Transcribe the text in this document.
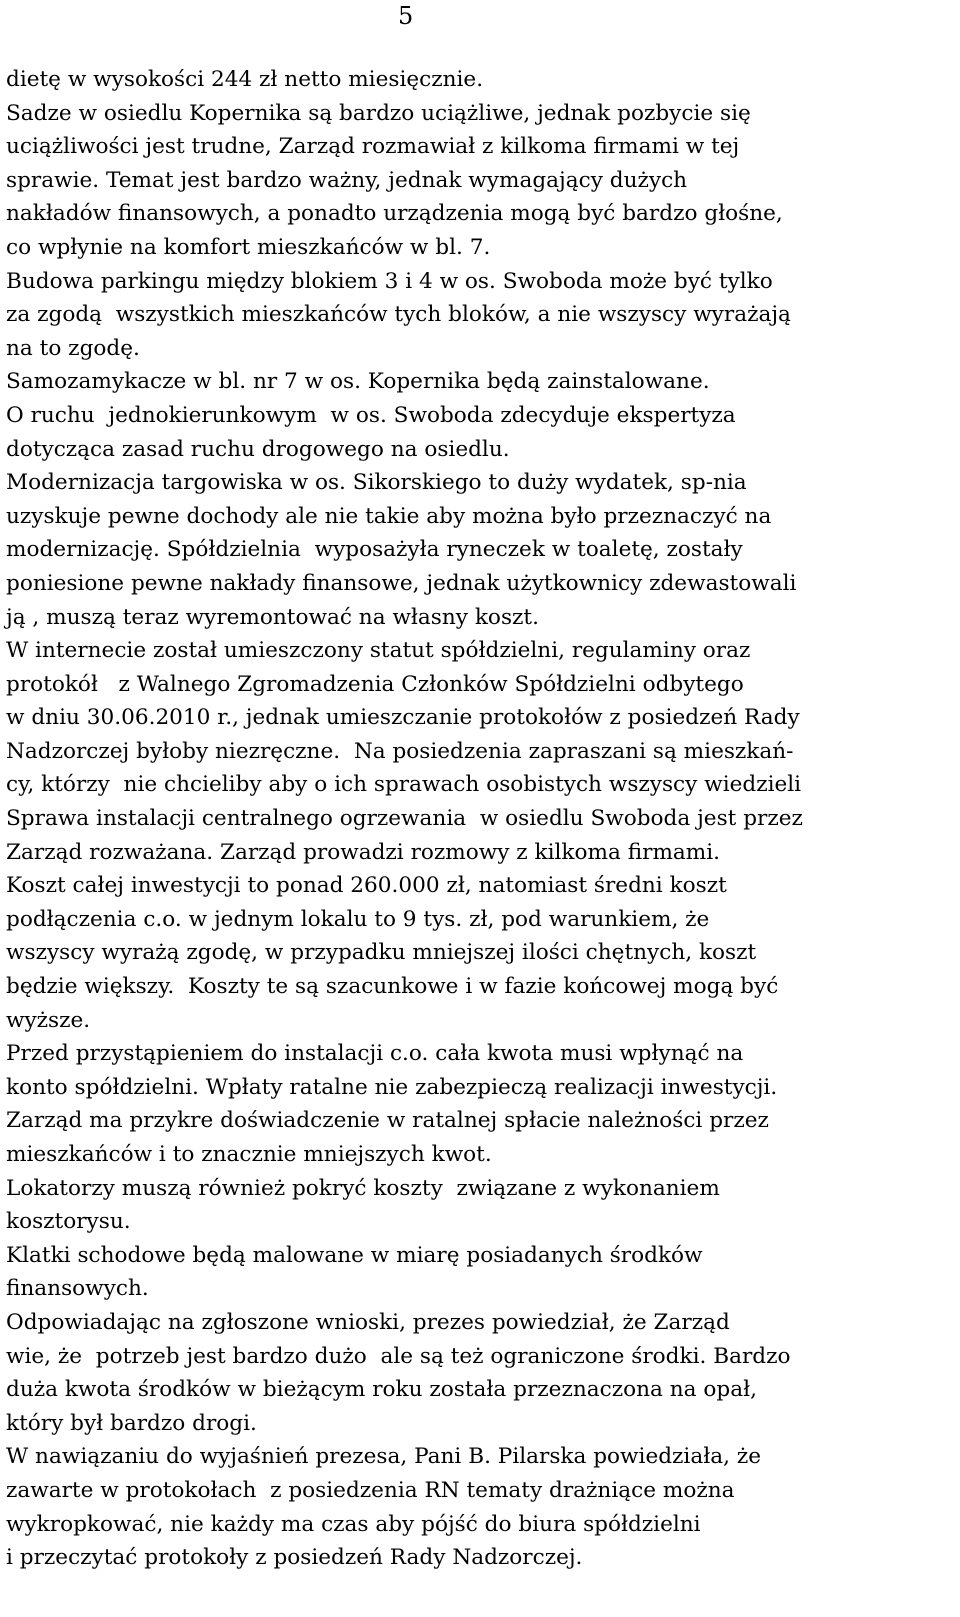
5
dietę w wysokości 244 zł netto miesięcznie.
Sadze w osiedlu Kopernika są bardzo uciążliwe, jednak pozbycie się
uciążliwości jest trudne, Zarząd rozmawiał z kilkoma firmami w tej
sprawie. Temat jest bardzo ważny, jednak wymagający dużych
nakładów finansowych, a ponadto urządzenia mogą być bardzo głośne,
co wpłynie na komfort mieszkańców w bl. 7.
Budowa parkingu między blokiem 3 i 4 w os. Swoboda może być tylko
za zgodą  wszystkich mieszkańców tych bloków, a nie wszyscy wyrażają
na to zgodę.
Samozamykacze w bl. nr 7 w os. Kopernika będą zainstalowane.
O ruchu  jednokierunkowym  w os. Swoboda zdecyduje ekspertyza
dotycząca zasad ruchu drogowego na osiedlu.
Modernizacja targowiska w os. Sikorskiego to duży wydatek, sp-nia
uzyskuje pewne dochody ale nie takie aby można było przeznaczyć na
modernizację. Spółdzielnia  wyposażyła ryneczek w toaletę, zostały
poniesione pewne nakłady finansowe, jednak użytkownicy zdewastowali
ją , muszą teraz wyremontować na własny koszt.
W internecie został umieszczony statut spółdzielni, regulaminy oraz
protokół   z Walnego Zgromadzenia Członków Spółdzielni odbytego
w dniu 30.06.2010 r., jednak umieszczanie protokołów z posiedzeń Rady
Nadzorczej byłoby niezręczne.  Na posiedzenia zapraszani są mieszkań-
cy, którzy  nie chcieliby aby o ich sprawach osobistych wszyscy wiedzieli
Sprawa instalacji centralnego ogrzewania  w osiedlu Swoboda jest przez
Zarząd rozważana. Zarząd prowadzi rozmowy z kilkoma firmami.
Koszt całej inwestycji to ponad 260.000 zł, natomiast średni koszt
podłączenia c.o. w jednym lokalu to 9 tys. zł, pod warunkiem, że
wszyscy wyrażą zgodę, w przypadku mniejszej ilości chętnych, koszt
będzie większy.  Koszty te są szacunkowe i w fazie końcowej mogą być
wyższe.
Przed przystąpieniem do instalacji c.o. cała kwota musi wpłynąć na
konto spółdzielni. Wpłaty ratalne nie zabezpieczą realizacji inwestycji.
Zarząd ma przykre doświadczenie w ratalnej spłacie należności przez
mieszkańców i to znacznie mniejszych kwot.
Lokatorzy muszą również pokryć koszty  związane z wykonaniem
kosztorysu.
Klatki schodowe będą malowane w miarę posiadanych środków
finansowych.
Odpowiadając na zgłoszone wnioski, prezes powiedział, że Zarząd
wie, że  potrzeb jest bardzo dużo  ale są też ograniczone środki. Bardzo
duża kwota środków w bieżącym roku została przeznaczona na opał,
który był bardzo drogi.
W nawiązaniu do wyjaśnień prezesa, Pani B. Pilarska powiedziała, że
zawarte w protokołach  z posiedzenia RN tematy drażniące można
wykropkować, nie każdy ma czas aby pójść do biura spółdzielni
i przeczytać protokoły z posiedzeń Rady Nadzorczej.
